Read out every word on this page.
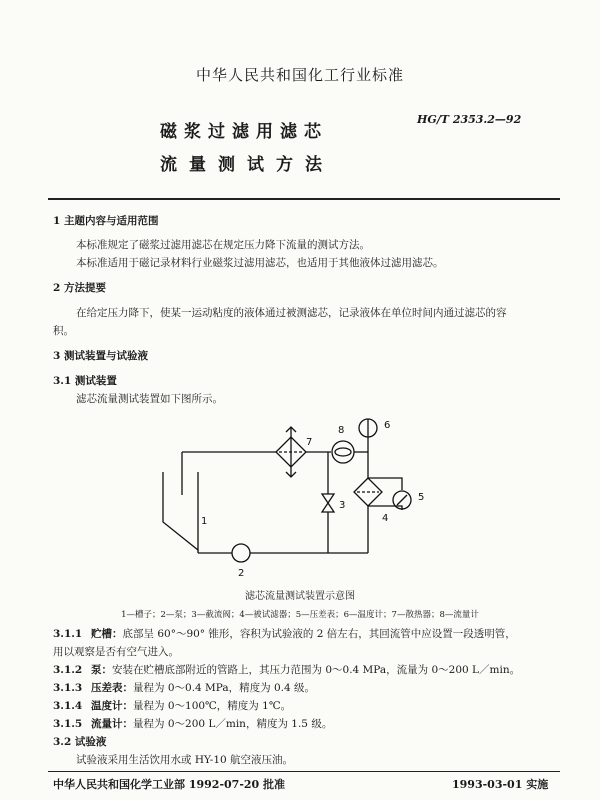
中华人民共和国化工行业标准
磁浆过滤用滤芯
流量测试方法
HG/T 2353.2—92
1 主题内容与适用范围
本标准规定了磁浆过滤用滤芯在规定压力降下流量的测试方法。
本标准适用于磁记录材料行业磁浆过滤用滤芯，也适用于其他液体过滤用滤芯。
2 方法提要
在给定压力降下，使某一运动粘度的液体通过被测滤芯，记录液体在单位时间内通过滤芯的容
积。
3 测试装置与试验液
3.1 测试装置
滤芯流量测试装置如下图所示。
1
2
3
4
5
6
7
8
滤芯流量测试装置示意图
1—槽子；2—泵；3—截流阀；4—被试滤器；5—压差表；6—温度计；7—散热器；8—流量计
3.1.1 贮槽：底部呈 60°～90° 锥形，容积为试验液的 2 倍左右，其回流管中应设置一段透明管，
用以观察是否有空气进入。
3.1.2 泵：安装在贮槽底部附近的管路上，其压力范围为 0～0.4 MPa，流量为 0～200 L／min。
3.1.3 压差表：量程为 0～0.4 MPa，精度为 0.4 级。
3.1.4 温度计：量程为 0～100℃，精度为 1℃。
3.1.5 流量计：量程为 0～200 L／min，精度为 1.5 级。
3.2 试验液
试验液采用生活饮用水或 HY-10 航空液压油。
中华人民共和国化学工业部 1992-07-20 批准	1993-03-01 实施
